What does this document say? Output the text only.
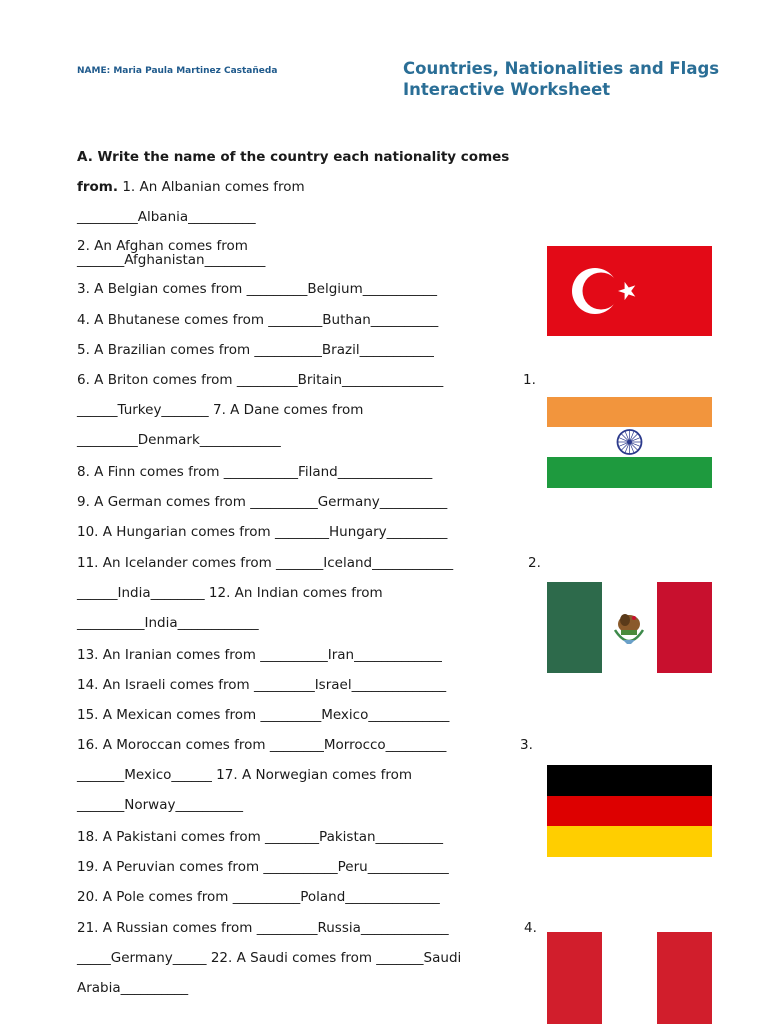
NAME: Maria Paula Martinez Castañeda	Countries, Nationalities and Flags
Interactive Worksheet
A. Write the name of the country each nationality comes
from. 1. An Albanian comes from
_________Albania__________
2. An Afghan comes from
_______Afghanistan_________
3. A Belgian comes from _________Belgium___________
4. A Bhutanese comes from ________Buthan__________
5. A Brazilian comes from __________Brazil___________
6. A Briton comes from _________Britain_______________
______Turkey_______ 7. A Dane comes from
_________Denmark____________
8. A Finn comes from ___________Filand______________
9. A German comes from __________Germany__________
10. A Hungarian comes from ________Hungary_________
11. An Icelander comes from _______Iceland____________
______India________ 12. An Indian comes from
__________India____________
13. An Iranian comes from __________Iran_____________
14. An Israeli comes from _________Israel______________
15. A Mexican comes from _________Mexico____________
16. A Moroccan comes from ________Morrocco_________
_______Mexico______ 17. A Norwegian comes from
_______Norway__________
18. A Pakistani comes from ________Pakistan__________
19. A Peruvian comes from ___________Peru____________
20. A Pole comes from __________Poland______________
21. A Russian comes from _________Russia_____________
_____Germany_____ 22. A Saudi comes from _______Saudi
Arabia__________
1.
2.
3.
4.
